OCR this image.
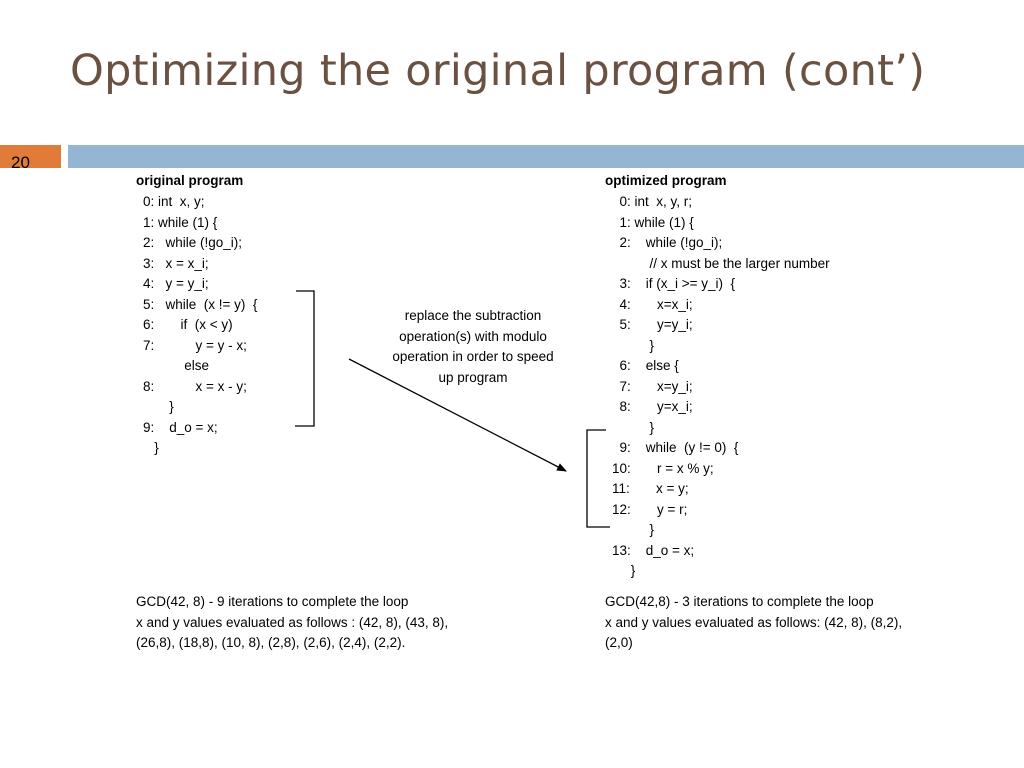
Optimizing the original program (cont’)
20
original program
0: int  x, y;
1: while (1) {
2:   while (!go_i);
3:   x = x_i;
4:   y = y_i;
5:   while  (x != y)  {
6:       if  (x < y)
7:           y = y - x;
else
8:           x = x - y;
}
9:    d_o = x;
}
replace the subtraction
operation(s) with modulo
operation in order to speed
up program
optimized program
0: int  x, y, r;
1: while (1) {
2:    while (!go_i);
// x must be the larger number
3:    if (x_i >= y_i)  {
4:       x=x_i;
5:       y=y_i;
}
6:    else {
7:       x=y_i;
8:       y=x_i;
}
9:    while  (y != 0)  {
10:       r = x % y;
11:       x = y;
12:       y = r;
}
13:    d_o = x;
}
GCD(42, 8) - 9 iterations to complete the loop
x and y values evaluated as follows : (42, 8), (43, 8),
(26,8), (18,8), (10, 8), (2,8), (2,6), (2,4), (2,2).
GCD(42,8) - 3 iterations to complete the loop
x and y values evaluated as follows: (42, 8), (8,2),
(2,0)
